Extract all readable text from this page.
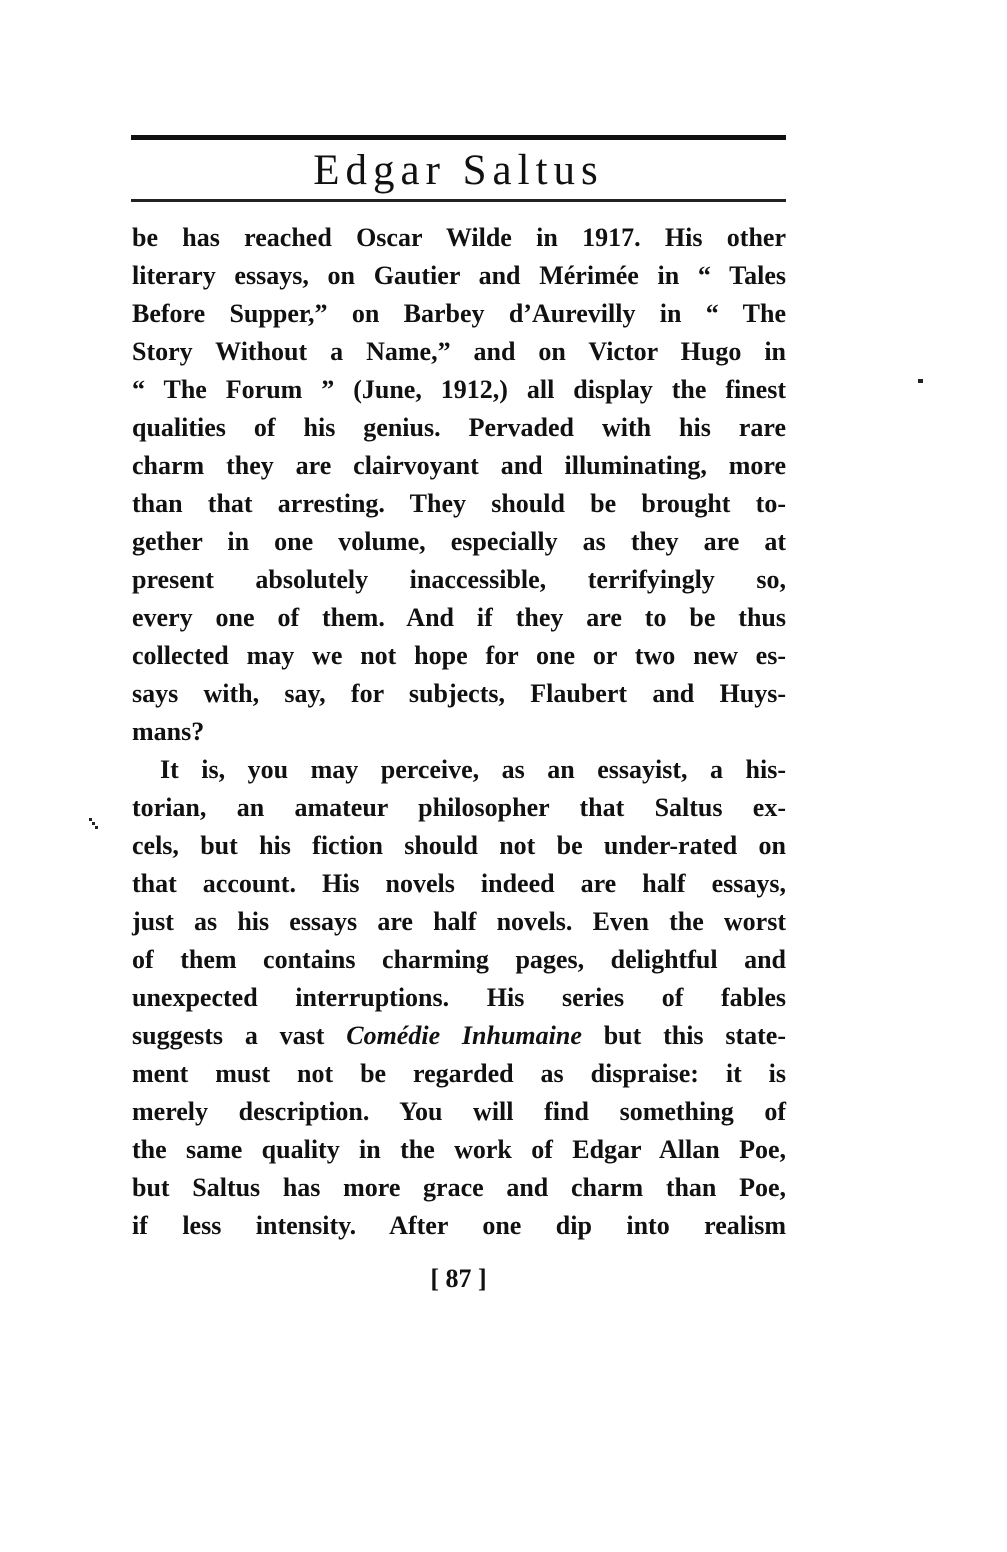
Edgar Saltus
be has reached Oscar Wilde in 1917. His other
literary essays, on Gautier and Mérimée in “ Tales
Before Supper,” on Barbey d’Aurevilly in “ The
Story Without a Name,” and on Victor Hugo in
“ The Forum ” (June, 1912,) all display the finest
qualities of his genius. Pervaded with his rare
charm they are clairvoyant and illuminating, more
than that arresting. They should be brought to-
gether in one volume, especially as they are at
present absolutely inaccessible, terrifyingly so,
every one of them. And if they are to be thus
collected may we not hope for one or two new es-
says with, say, for subjects, Flaubert and Huys-
mans?
It is, you may perceive, as an essayist, a his-
torian, an amateur philosopher that Saltus ex-
cels, but his fiction should not be under-rated on
that account. His novels indeed are half essays,
just as his essays are half novels. Even the worst
of them contains charming pages, delightful and
unexpected interruptions. His series of fables
suggests a vast Comédie Inhumaine but this state-
ment must not be regarded as dispraise: it is
merely description. You will find something of
the same quality in the work of Edgar Allan Poe,
but Saltus has more grace and charm than Poe,
if less intensity. After one dip into realism
[ 87 ]
